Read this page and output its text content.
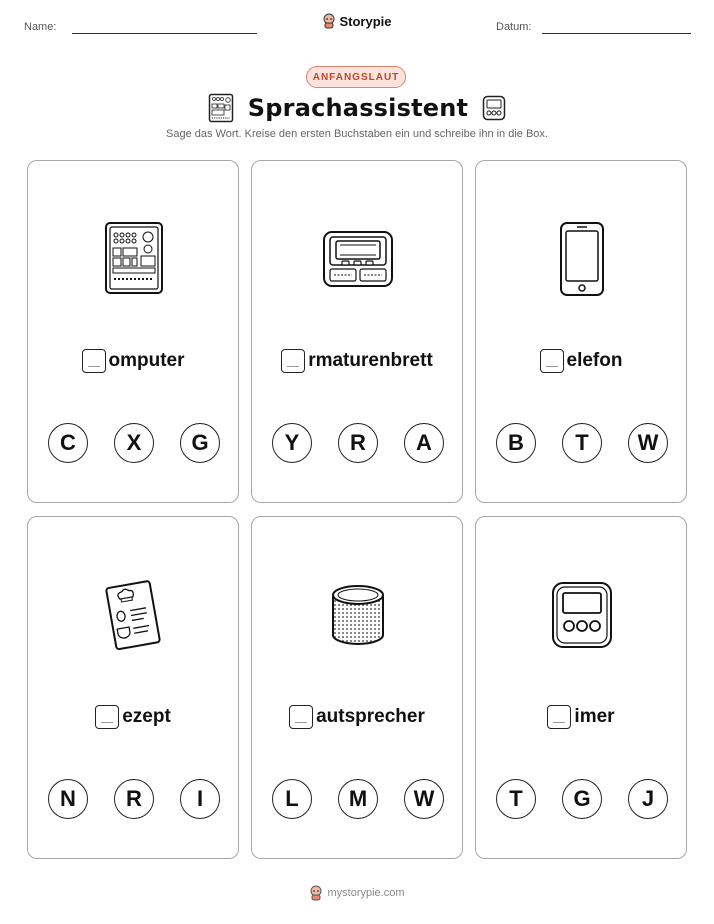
Name:	Datum:
Storypie
ANFANGSLAUT
Sprachassistent
Sage das Wort. Kreise den ersten Buchstaben ein und schreibe ihn in die Box.
omputer
C	X	G
rmaturenbrett
Y	R	A
elefon
B	T	W
ezept
N	R	I
autsprecher
L	M	W
imer
T	G	J
mystorypie.com
